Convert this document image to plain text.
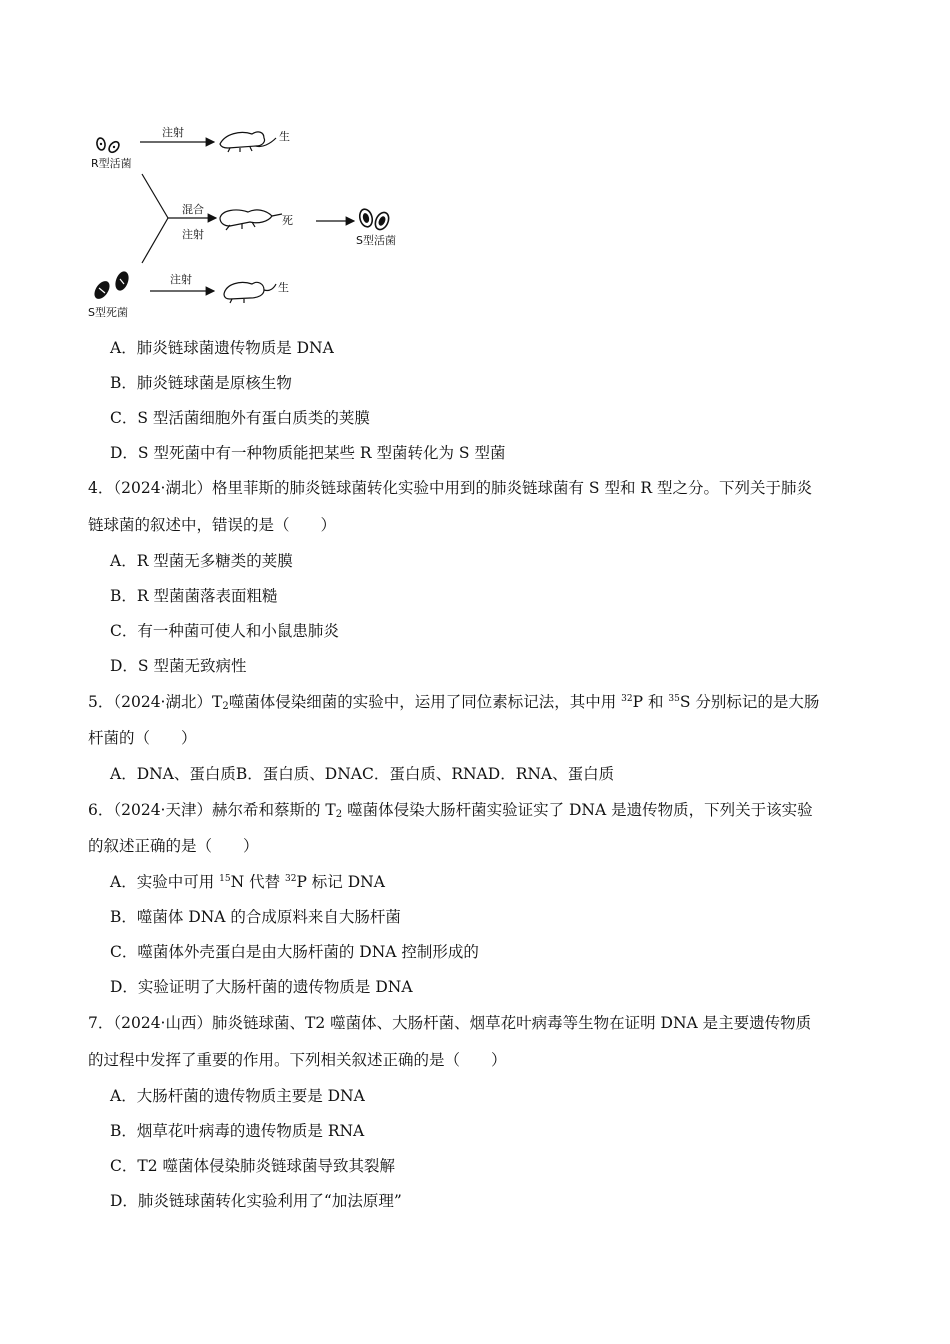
R型活菌
注射	生
混合
注射
死
S型活菌
S型死菌
注射
生
A．肺炎链球菌遗传物质是 DNA
B．肺炎链球菌是原核生物
C．S 型活菌细胞外有蛋白质类的荚膜
D．S 型死菌中有一种物质能把某些 R 型菌转化为 S 型菌
4．（2024·湖北）格里菲斯的肺炎链球菌转化实验中用到的肺炎链球菌有 S 型和 R 型之分。下列关于肺炎
链球菌的叙述中，错误的是（　　）
A．R 型菌无多糖类的荚膜
B．R 型菌菌落表面粗糙
C．有一种菌可使人和小鼠患肺炎
D．S 型菌无致病性
5．（2024·湖北）$T_2$噬菌体侵染细菌的实验中，运用了同位素标记法，其中用 $^{32}$P 和 $^{35}$S 分别标记的是大肠
杆菌的（　　）
A．DNA、蛋白质B．蛋白质、DNAC．蛋白质、RNAD．RNA、蛋白质
6．（2024·天津）赫尔希和蔡斯的 $T_2$ 噬菌体侵染大肠杆菌实验证实了 DNA 是遗传物质，下列关于该实验
的叙述正确的是（　　）
A．实验中可用 $^{15}$N 代替 $^{32}$P 标记 DNA
B．噬菌体 DNA 的合成原料来自大肠杆菌
C．噬菌体外壳蛋白是由大肠杆菌的 DNA 控制形成的
D．实验证明了大肠杆菌的遗传物质是 DNA
7．（2024·山西）肺炎链球菌、T2 噬菌体、大肠杆菌、烟草花叶病毒等生物在证明 DNA 是主要遗传物质
的过程中发挥了重要的作用。下列相关叙述正确的是（　　）
A．大肠杆菌的遗传物质主要是 DNA
B．烟草花叶病毒的遗传物质是 RNA
C．T2 噬菌体侵染肺炎链球菌导致其裂解
D．肺炎链球菌转化实验利用了“加法原理”
